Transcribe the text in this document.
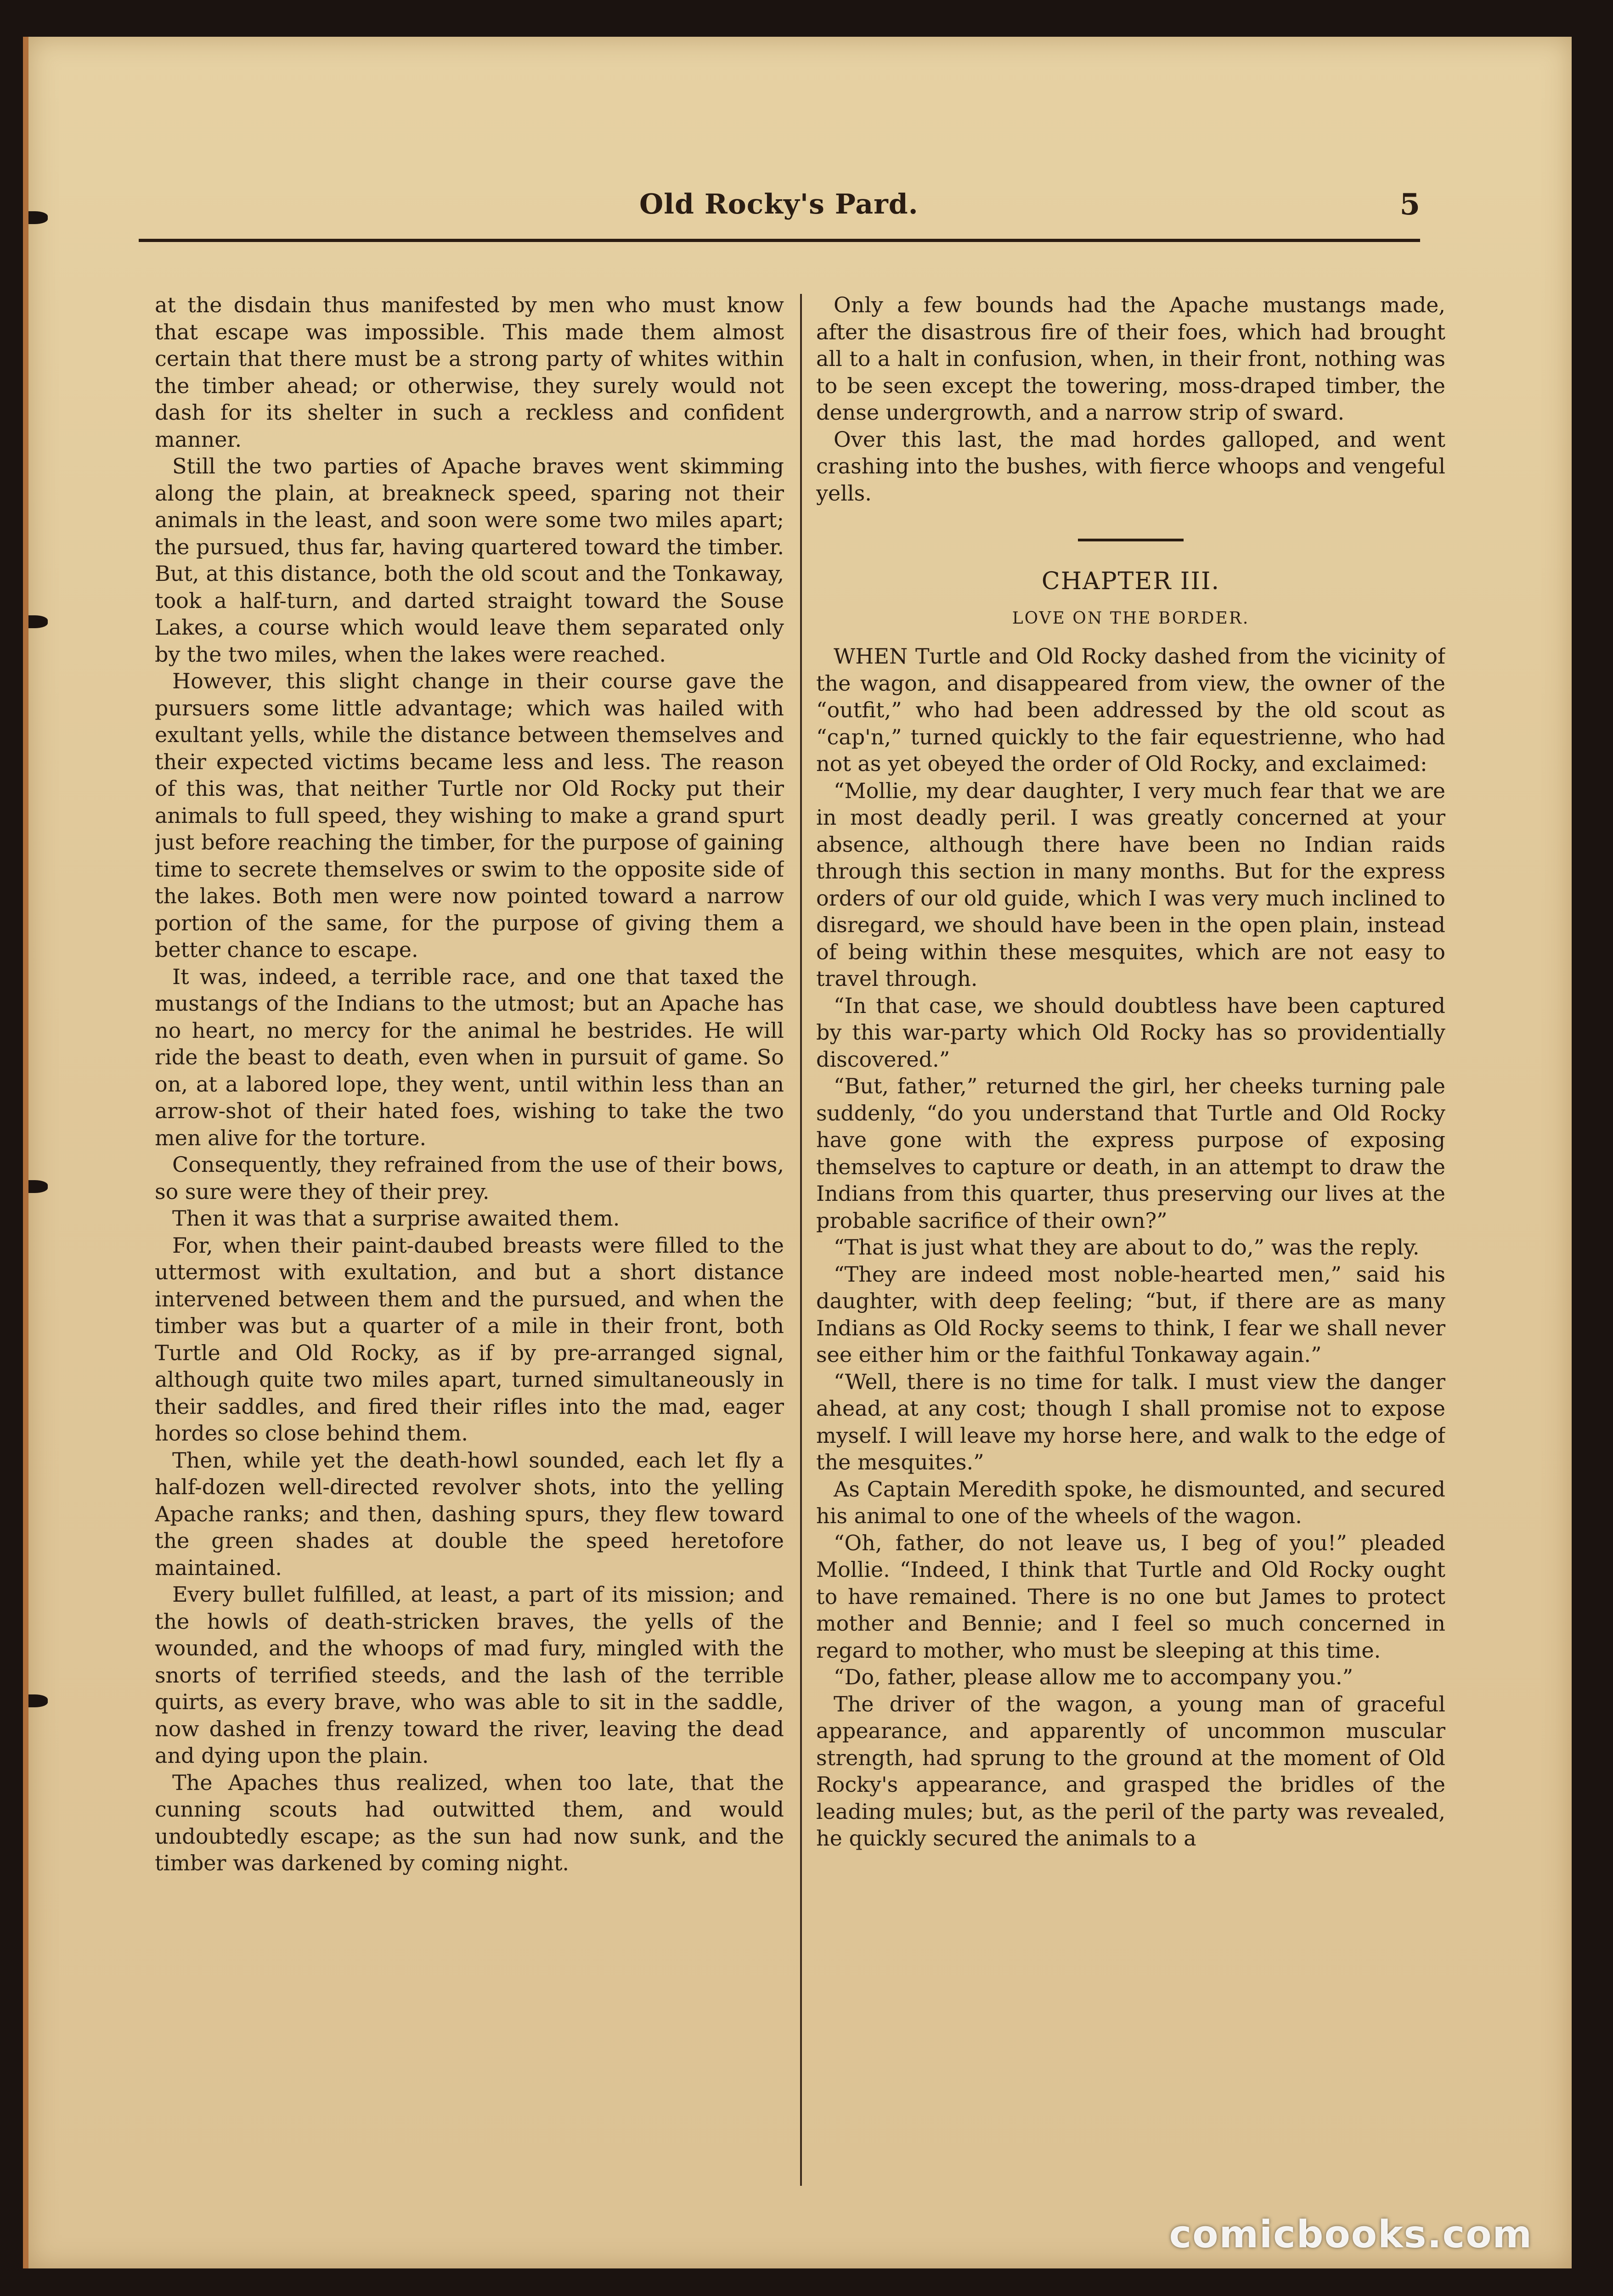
Old Rocky's Pard.	5

at the disdain thus manifested by men who must know that escape was impossible. This made them almost certain that there must be a strong party of whites within the timber ahead; or otherwise, they surely would not dash for its shelter in such a reckless and confident manner.

Still the two parties of Apache braves went skimming along the plain, at breakneck speed, sparing not their animals in the least, and soon were some two miles apart; the pursued, thus far, having quartered toward the timber. But, at this distance, both the old scout and the Tonkaway, took a half-turn, and darted straight toward the Souse Lakes, a course which would leave them separated only by the two miles, when the lakes were reached.

However, this slight change in their course gave the pursuers some little advantage; which was hailed with exultant yells, while the distance between themselves and their expected victims became less and less. The reason of this was, that neither Turtle nor Old Rocky put their animals to full speed, they wishing to make a grand spurt just before reaching the timber, for the purpose of gaining time to secrete themselves or swim to the opposite side of the lakes. Both men were now pointed toward a narrow portion of the same, for the purpose of giving them a better chance to escape.

It was, indeed, a terrible race, and one that taxed the mustangs of the Indians to the utmost; but an Apache has no heart, no mercy for the animal he bestrides. He will ride the beast to death, even when in pursuit of game. So on, at a labored lope, they went, until within less than an arrow-shot of their hated foes, wishing to take the two men alive for the torture.

Consequently, they refrained from the use of their bows, so sure were they of their prey.

Then it was that a surprise awaited them.

For, when their paint-daubed breasts were filled to the uttermost with exultation, and but a short distance intervened between them and the pursued, and when the timber was but a quarter of a mile in their front, both Turtle and Old Rocky, as if by pre-arranged signal, although quite two miles apart, turned simultaneously in their saddles, and fired their rifles into the mad, eager hordes so close behind them.

Then, while yet the death-howl sounded, each let fly a half-dozen well-directed revolver shots, into the yelling Apache ranks; and then, dashing spurs, they flew toward the green shades at double the speed heretofore maintained.

Every bullet fulfilled, at least, a part of its mission; and the howls of death-stricken braves, the yells of the wounded, and the whoops of mad fury, mingled with the snorts of terrified steeds, and the lash of the terrible quirts, as every brave, who was able to sit in the saddle, now dashed in frenzy toward the river, leaving the dead and dying upon the plain.

The Apaches thus realized, when too late, that the cunning scouts had outwitted them, and would undoubtedly escape; as the sun had now sunk, and the timber was darkened by coming night.

Only a few bounds had the Apache mustangs made, after the disastrous fire of their foes, which had brought all to a halt in confusion, when, in their front, nothing was to be seen except the towering, moss-draped timber, the dense undergrowth, and a narrow strip of sward.

Over this last, the mad hordes galloped, and went crashing into the bushes, with fierce whoops and vengeful yells.

CHAPTER III.
LOVE ON THE BORDER.

WHEN Turtle and Old Rocky dashed from the vicinity of the wagon, and disappeared from view, the owner of the “outfit,” who had been addressed by the old scout as “cap'n,” turned quickly to the fair equestrienne, who had not as yet obeyed the order of Old Rocky, and exclaimed:

“Mollie, my dear daughter, I very much fear that we are in most deadly peril. I was greatly concerned at your absence, although there have been no Indian raids through this section in many months. But for the express orders of our old guide, which I was very much inclined to disregard, we should have been in the open plain, instead of being within these mesquites, which are not easy to travel through.

“In that case, we should doubtless have been captured by this war-party which Old Rocky has so providentially discovered.”

“But, father,” returned the girl, her cheeks turning pale suddenly, “do you understand that Turtle and Old Rocky have gone with the express purpose of exposing themselves to capture or death, in an attempt to draw the Indians from this quarter, thus preserving our lives at the probable sacrifice of their own?”

“That is just what they are about to do,” was the reply.

“They are indeed most noble-hearted men,” said his daughter, with deep feeling; “but, if there are as many Indians as Old Rocky seems to think, I fear we shall never see either him or the faithful Tonkaway again.”

“Well, there is no time for talk. I must view the danger ahead, at any cost; though I shall promise not to expose myself. I will leave my horse here, and walk to the edge of the mesquites.”

As Captain Meredith spoke, he dismounted, and secured his animal to one of the wheels of the wagon.

“Oh, father, do not leave us, I beg of you!” pleaded Mollie. “Indeed, I think that Turtle and Old Rocky ought to have remained. There is no one but James to protect mother and Bennie; and I feel so much concerned in regard to mother, who must be sleeping at this time.

“Do, father, please allow me to accompany you.”

The driver of the wagon, a young man of graceful appearance, and apparently of uncommon muscular strength, had sprung to the ground at the moment of Old Rocky's appearance, and grasped the bridles of the leading mules; but, as the peril of the party was revealed, he quickly secured the animals to a

comicbooks.com
